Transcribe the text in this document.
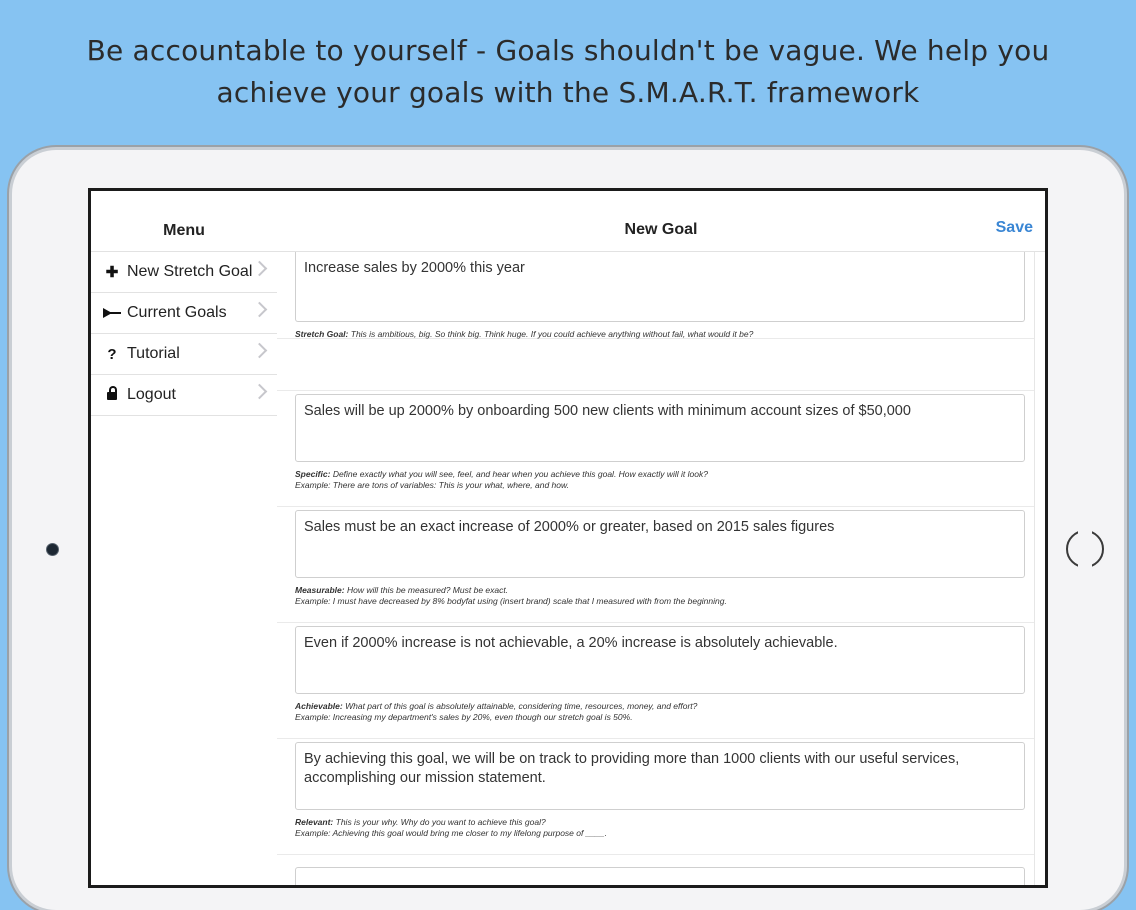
Be accountable to yourself - Goals shouldn't be vague. We help you achieve your goals with the S.M.A.R.T. framework
Menu
✚ New Stretch Goal
Current Goals
? Tutorial
Logout
New Goal	Save
Increase sales by 2000% this year
Stretch Goal: This is ambitious, big. So think big. Think huge. If you could achieve anything without fail, what would it be?
Sales will be up 2000% by onboarding 500 new clients with minimum account sizes of $50,000
Specific: Define exactly what you will see, feel, and hear when you achieve this goal. How exactly will it look?
Example: There are tons of variables: This is your what, where, and how.
Sales must be an exact increase of 2000% or greater, based on 2015 sales figures
Measurable: How will this be measured? Must be exact.
Example: I must have decreased by 8% bodyfat using (insert brand) scale that I measured with from the beginning.
Even if 2000% increase is not achievable, a 20% increase is absolutely achievable.
Achievable: What part of this goal is absolutely attainable, considering time, resources, money, and effort?
Example: Increasing my department's sales by 20%, even though our stretch goal is 50%.
By achieving this goal, we will be on track to providing more than 1000 clients with our useful services, accomplishing our mission statement.
Relevant: This is your why. Why do you want to achieve this goal?
Example: Achieving this goal would bring me closer to my lifelong purpose of ____.
